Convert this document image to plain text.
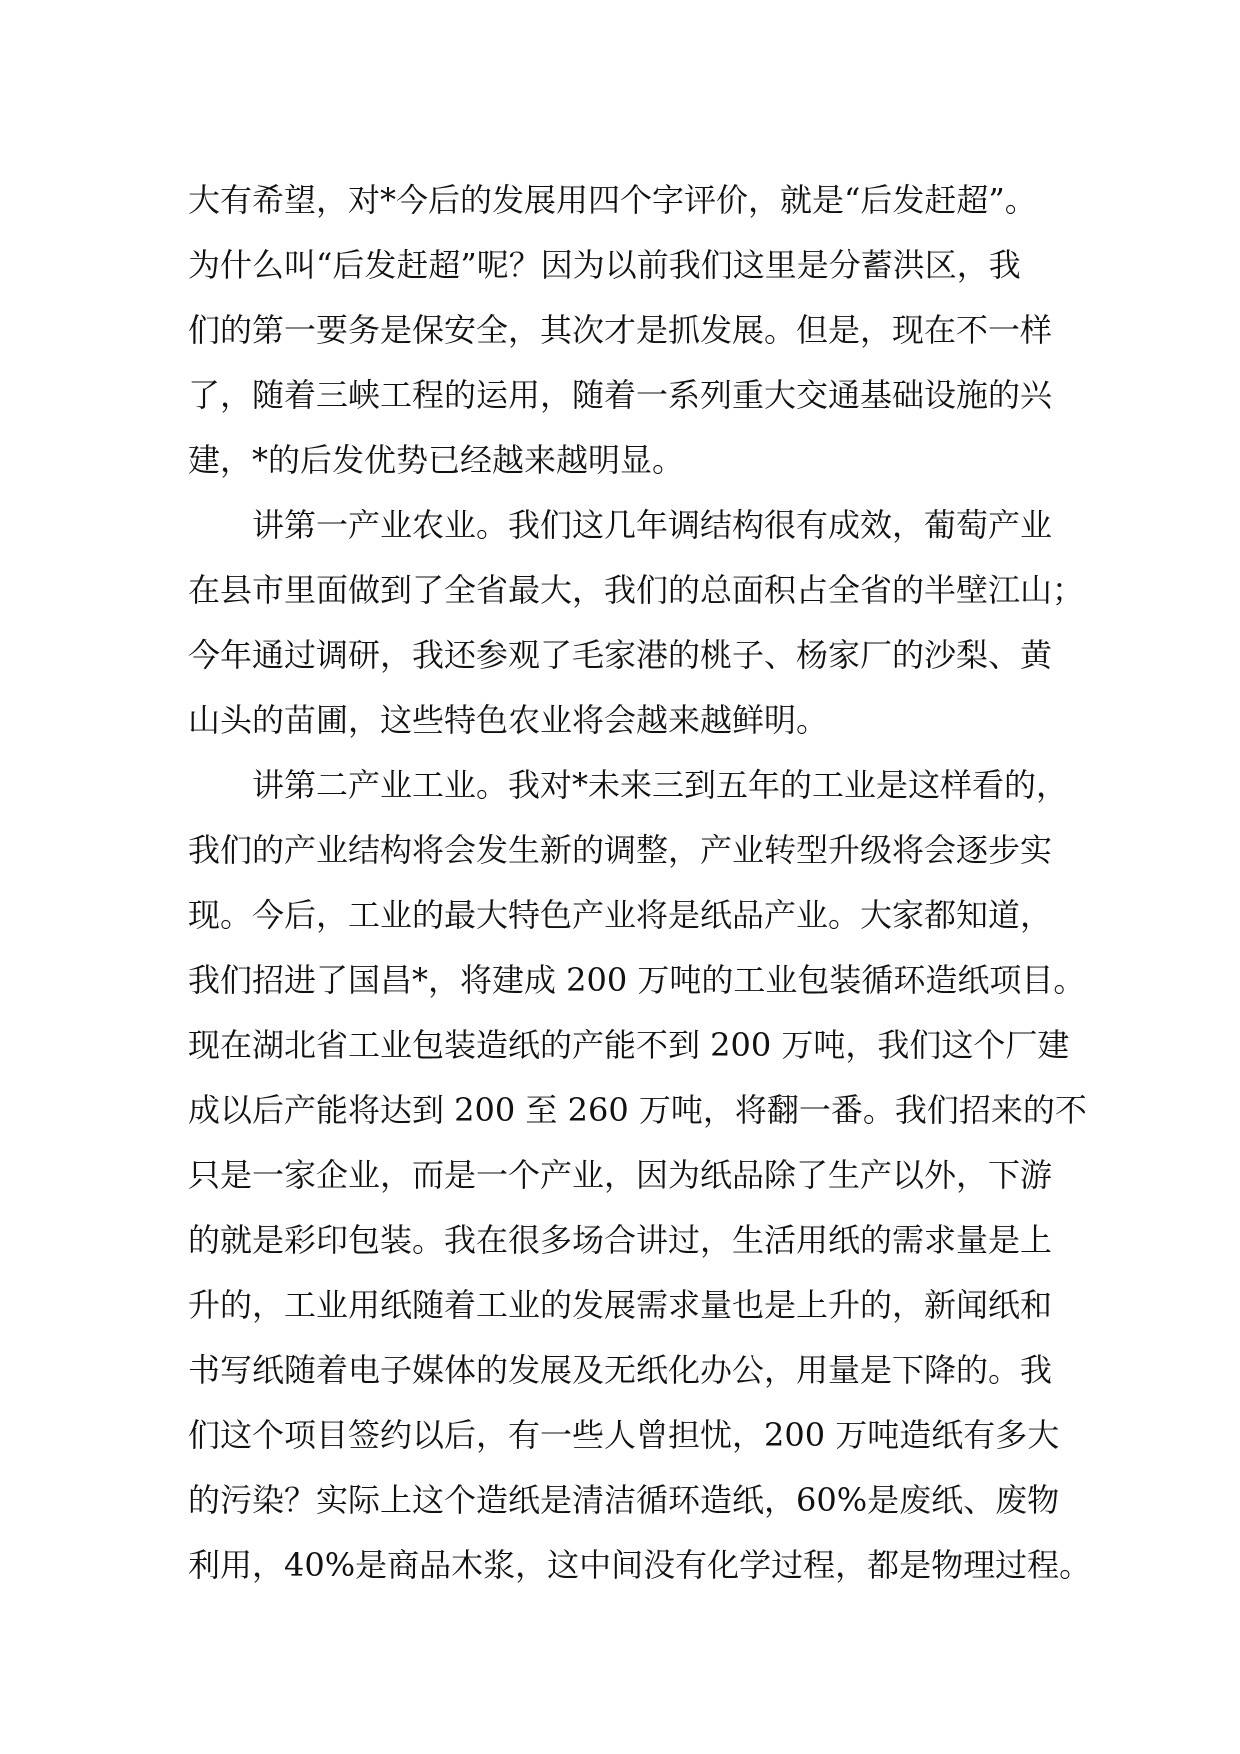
大有希望，对*今后的发展用四个字评价，就是“后发赶超”。
为什么叫“后发赶超”呢？因为以前我们这里是分蓄洪区，我
们的第一要务是保安全，其次才是抓发展。但是，现在不一样
了，随着三峡工程的运用，随着一系列重大交通基础设施的兴
建，*的后发优势已经越来越明显。
讲第一产业农业。我们这几年调结构很有成效，葡萄产业
在县市里面做到了全省最大，我们的总面积占全省的半壁江山；
今年通过调研，我还参观了毛家港的桃子、杨家厂的沙梨、黄
山头的苗圃，这些特色农业将会越来越鲜明。
讲第二产业工业。我对*未来三到五年的工业是这样看的，
我们的产业结构将会发生新的调整，产业转型升级将会逐步实
现。今后，工业的最大特色产业将是纸品产业。大家都知道，
我们招进了国昌*，将建成 200 万吨的工业包装循环造纸项目。
现在湖北省工业包装造纸的产能不到 200 万吨，我们这个厂建
成以后产能将达到 200 至 260 万吨，将翻一番。我们招来的不
只是一家企业，而是一个产业，因为纸品除了生产以外，下游
的就是彩印包装。我在很多场合讲过，生活用纸的需求量是上
升的，工业用纸随着工业的发展需求量也是上升的，新闻纸和
书写纸随着电子媒体的发展及无纸化办公，用量是下降的。我
们这个项目签约以后，有一些人曾担忧，200 万吨造纸有多大
的污染？实际上这个造纸是清洁循环造纸，60%是废纸、废物
利用，40%是商品木浆，这中间没有化学过程，都是物理过程。
